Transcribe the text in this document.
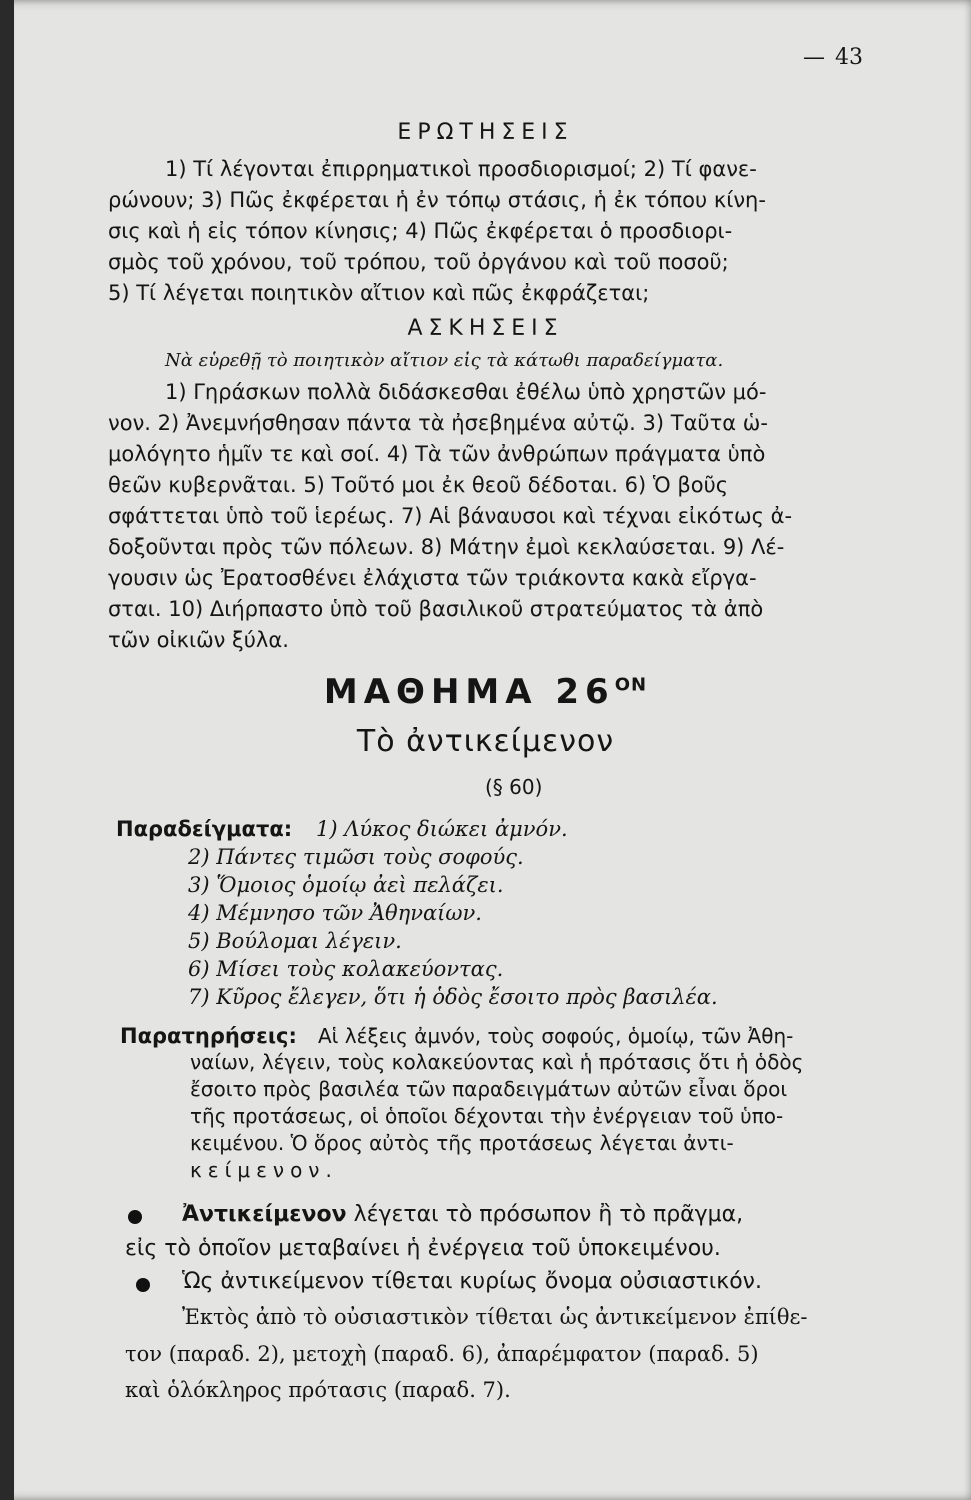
— 43
ΕΡΩΤΗΣΕΙΣ
1) Τί λέγονται ἐπιρρηματικοὶ προσδιορισμοί; 2) Τί φανε-
ρώνουν; 3) Πῶς ἐκφέρεται ἡ ἐν τόπῳ στάσις, ἡ ἐκ τόπου κίνη-
σις καὶ ἡ εἰς τόπον κίνησις; 4) Πῶς ἐκφέρεται ὁ προσδιορι-
σμὸς τοῦ χρόνου, τοῦ τρόπου, τοῦ ὀργάνου καὶ τοῦ ποσοῦ;
5) Τί λέγεται ποιητικὸν αἴτιον καὶ πῶς ἐκφράζεται;
ΑΣΚΗΣΕΙΣ
Νὰ εὑρεθῇ τὸ ποιητικὸν αἴτιον εἰς τὰ κάτωθι παραδείγματα.
1) Γηράσκων πολλὰ διδάσκεσθαι ἐθέλω ὑπὸ χρηστῶν μό-
νον. 2) Ἀνεμνήσθησαν πάντα τὰ ἠσεβημένα αὐτῷ. 3) Ταῦτα ὡ-
μολόγητο ἡμῖν τε καὶ σοί. 4) Τὰ τῶν ἀνθρώπων πράγματα ὑπὸ
θεῶν κυβερνᾶται. 5) Τοῦτό μοι ἐκ θεοῦ δέδοται. 6) Ὁ βοῦς
σφάττεται ὑπὸ τοῦ ἱερέως. 7) Αἱ βάναυσοι καὶ τέχναι εἰκότως ἀ-
δοξοῦνται πρὸς τῶν πόλεων. 8) Μάτην ἐμοὶ κεκλαύσεται. 9) Λέ-
γουσιν ὡς Ἐρατοσθένει ἐλάχιστα τῶν τριάκοντα κακὰ εἴργα-
σται. 10) Διήρπαστο ὑπὸ τοῦ βασιλικοῦ στρατεύματος τὰ ἀπὸ
τῶν οἰκιῶν ξύλα.
ΜΑΘΗΜΑ $26^{ON}$
Τὸ ἀντικείμενον
(§ 60)
Παραδείγματα: 1) Λύκος διώκει ἀμνόν.
2) Πάντες τιμῶσι τοὺς σοφούς.
3) Ὅμοιος ὁμοίῳ ἀεὶ πελάζει.
4) Μέμνησο τῶν Ἀθηναίων.
5) Βούλομαι λέγειν.
6) Μίσει τοὺς κολακεύοντας.
7) Κῦρος ἔλεγεν, ὅτι ἡ ὁδὸς ἔσοιτο πρὸς βασιλέα.
Παρατηρήσεις: Αἱ λέξεις ἀμνόν, τοὺς σοφούς, ὁμοίῳ, τῶν Ἀθη-
ναίων, λέγειν, τοὺς κολακεύοντας καὶ ἡ πρότασις ὅτι ἡ ὁδὸς
ἔσοιτο πρὸς βασιλέα τῶν παραδειγμάτων αὐτῶν εἶναι ὅροι
τῆς προτάσεως, οἱ ὁποῖοι δέχονται τὴν ἐνέργειαν τοῦ ὑπο-
κειμένου. Ὁ ὅρος αὐτὸς τῆς προτάσεως λέγεται ἀντι-
κείμενον.
Ἀντικείμενον λέγεται τὸ πρόσωπον ἢ τὸ πρᾶγμα,
εἰς τὸ ὁποῖον μεταβαίνει ἡ ἐνέργεια τοῦ ὑποκειμένου.
Ὡς ἀντικείμενον τίθεται κυρίως ὄνομα οὐσιαστικόν.
Ἐκτὸς ἀπὸ τὸ οὐσιαστικὸν τίθεται ὡς ἀντικείμενον ἐπίθε-
τον (παραδ. 2), μετοχὴ (παραδ. 6), ἀπαρέμφατον (παραδ. 5)
καὶ ὁλόκληρος πρότασις (παραδ. 7).
